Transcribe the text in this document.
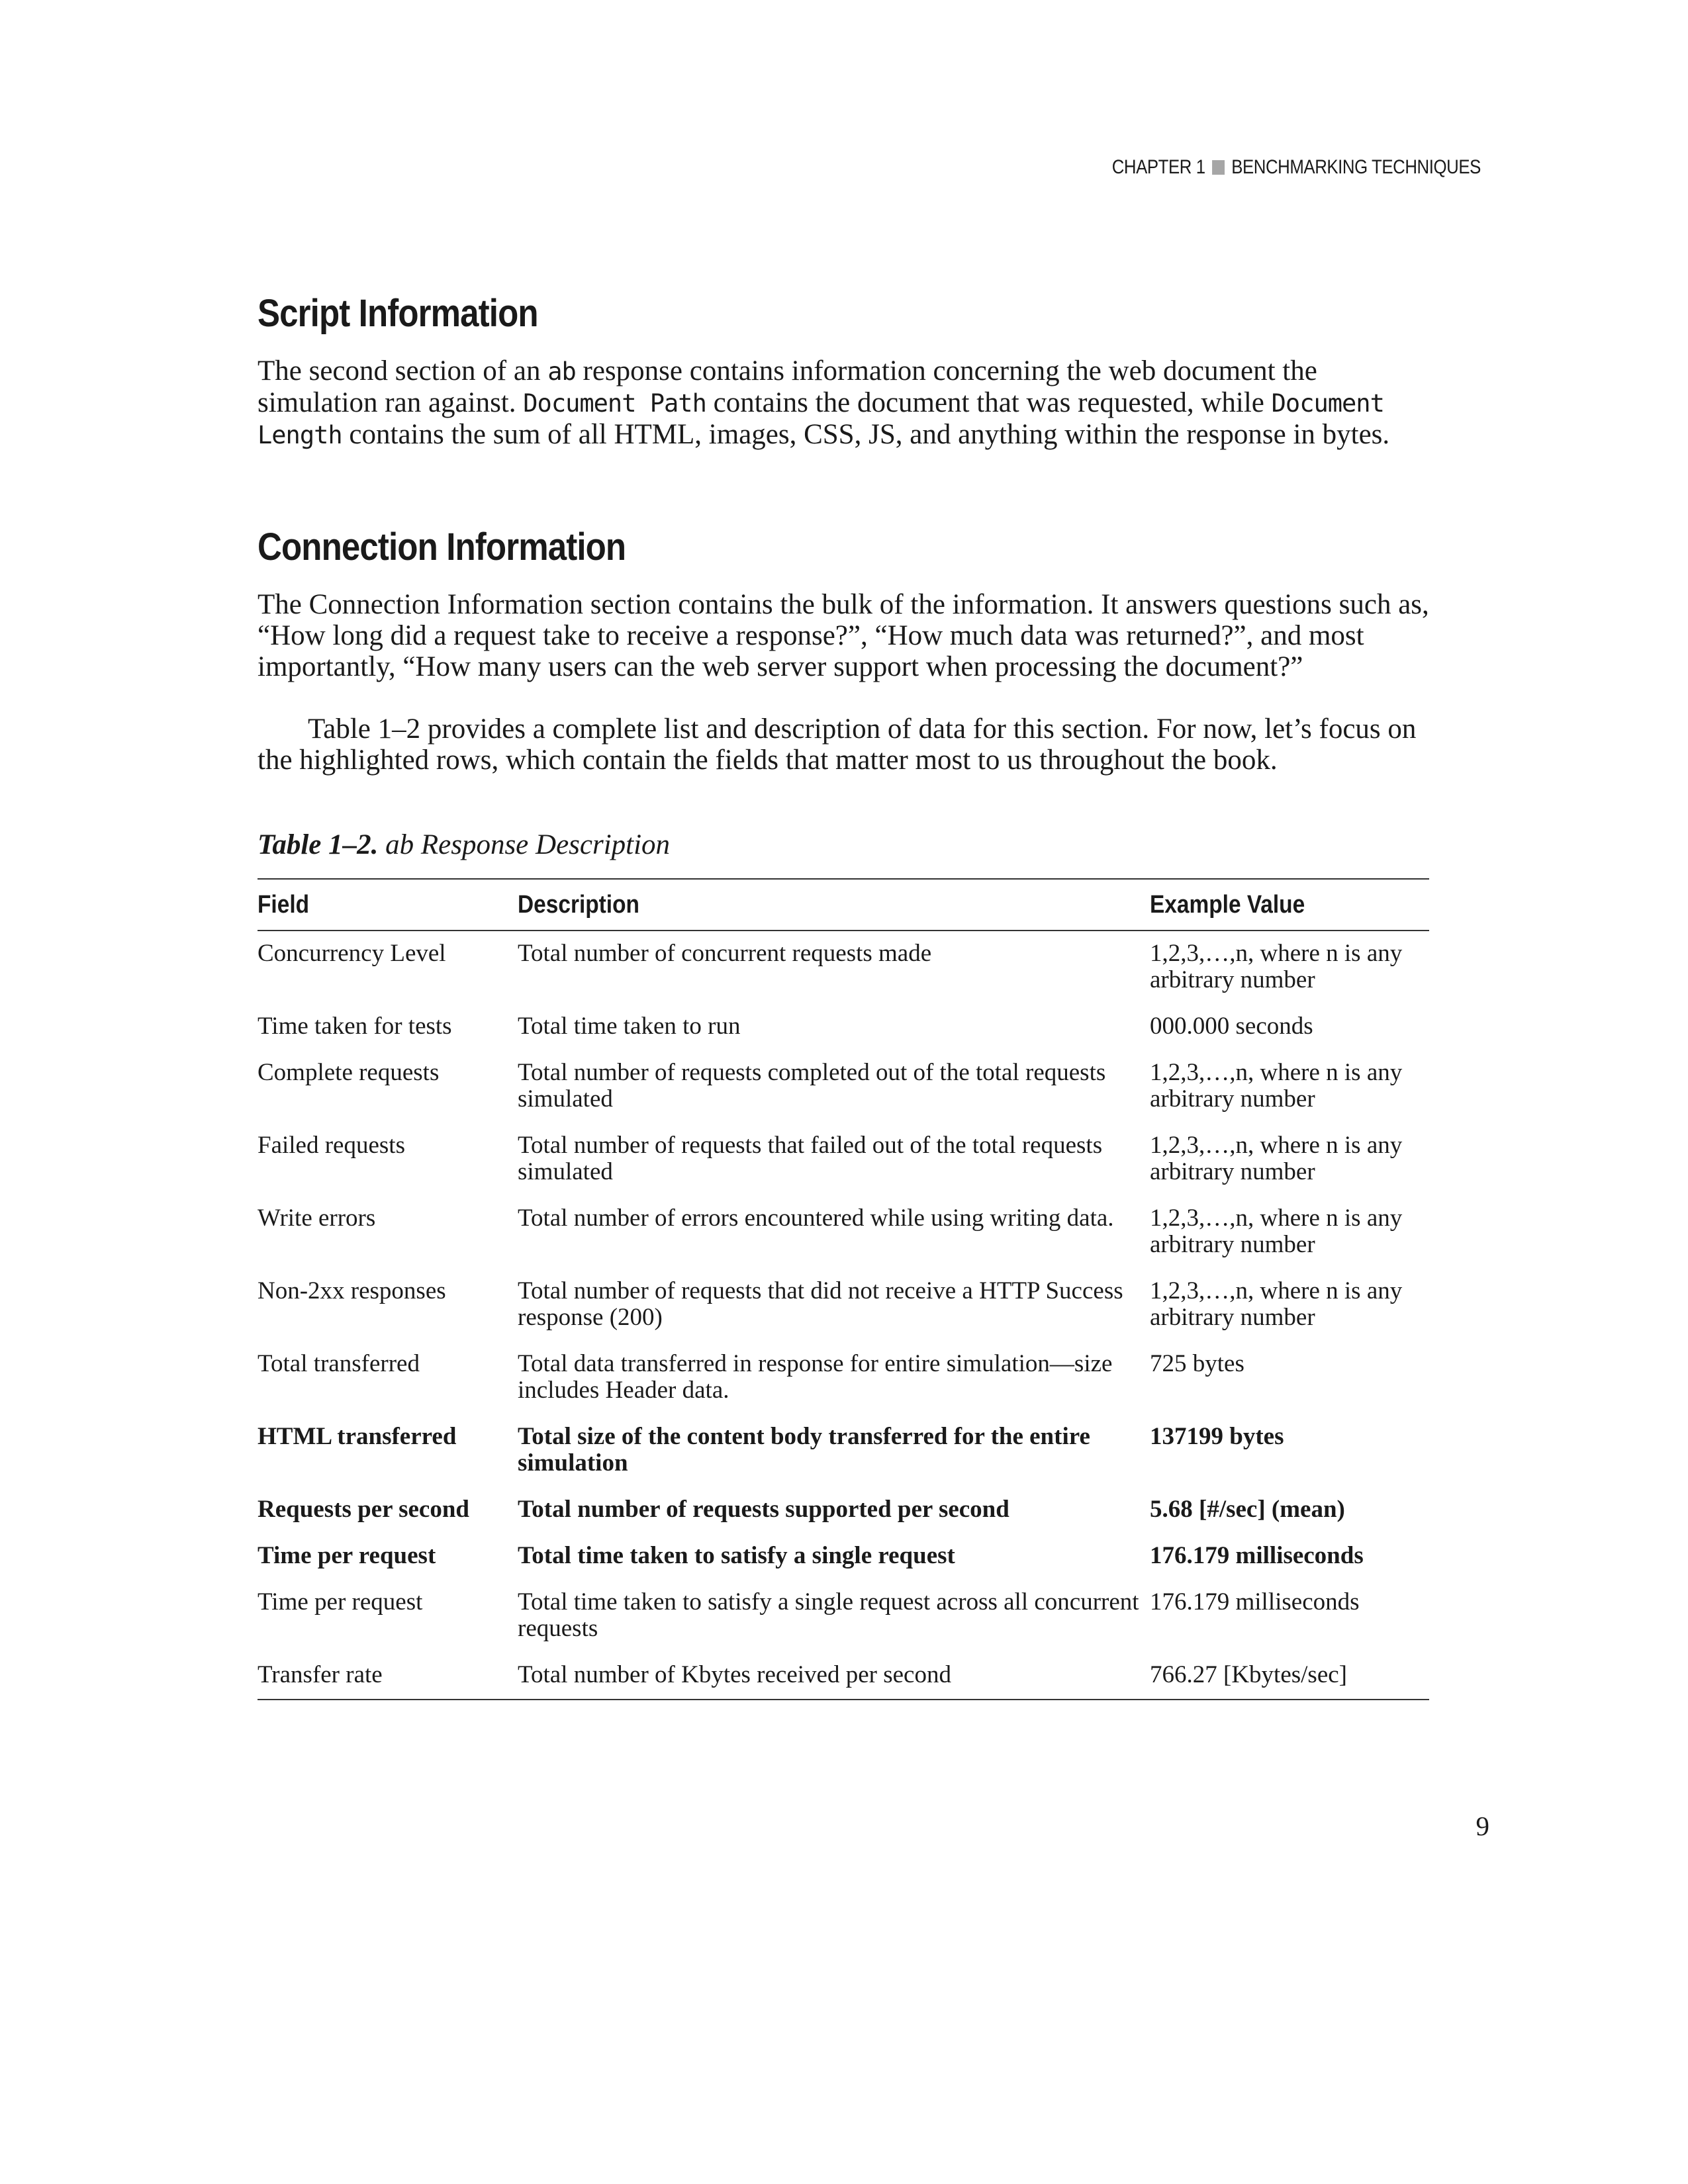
CHAPTER 1 BENCHMARKING TECHNIQUES
Script Information

The second section of an ab response contains information concerning the web document the simulation ran against. Document Path contains the document that was requested, while Document Length contains the sum of all HTML, images, CSS, JS, and anything within the response in bytes.

Connection Information

The Connection Information section contains the bulk of the information. It answers questions such as, “How long did a request take to receive a response?”, “How much data was returned?”, and most importantly, “How many users can the web server support when processing the document?”

Table 1–2 provides a complete list and description of data for this section. For now, let’s focus on the highlighted rows, which contain the fields that matter most to us throughout the book.

Table 1–2. ab Response Description
Field	Description	Example Value
Concurrency Level	Total number of concurrent requests made	1,2,3,…,n, where n is any arbitrary number
Time taken for tests	Total time taken to run	000.000 seconds
Complete requests	Total number of requests completed out of the total requests simulated	1,2,3,…,n, where n is any arbitrary number
Failed requests	Total number of requests that failed out of the total requests simulated	1,2,3,…,n, where n is any arbitrary number
Write errors	Total number of errors encountered while using writing data.	1,2,3,…,n, where n is any arbitrary number
Non-2xx responses	Total number of requests that did not receive a HTTP Success response (200)	1,2,3,…,n, where n is any arbitrary number
Total transferred	Total data transferred in response for entire simulation—size includes Header data.	725 bytes
HTML transferred	Total size of the content body transferred for the entire simulation	137199 bytes
Requests per second	Total number of requests supported per second	5.68 [#/sec] (mean)
Time per request	Total time taken to satisfy a single request	176.179 milliseconds
Time per request	Total time taken to satisfy a single request across all concurrent requests	176.179 milliseconds
Transfer rate	Total number of Kbytes received per second	766.27 [Kbytes/sec]
9
